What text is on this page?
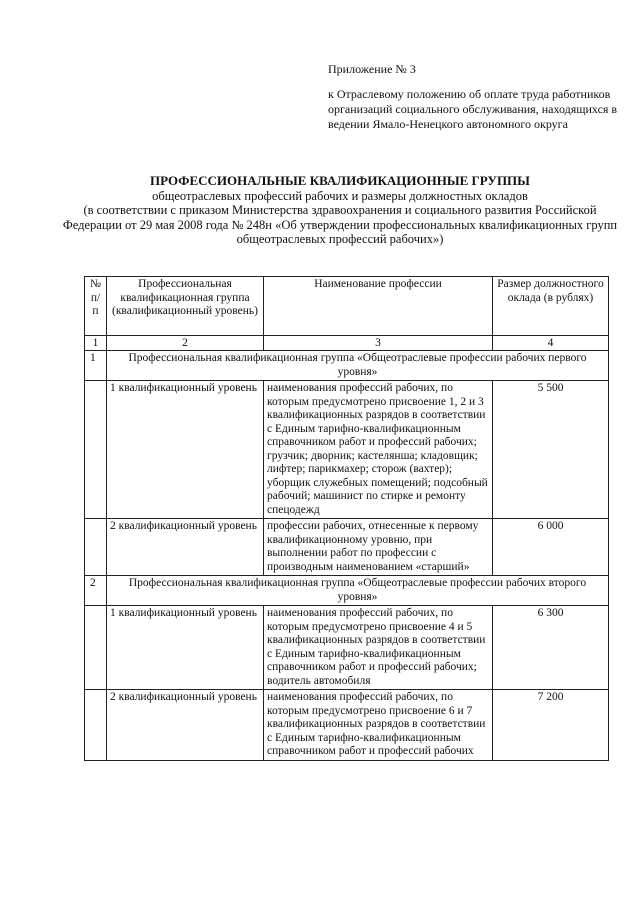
Приложение № 3
к Отраслевому положению об оплате труда работников организаций социального обслуживания, находящихся в ведении Ямало-Ненецкого автономного округа
ПРОФЕССИОНАЛЬНЫЕ КВАЛИФИКАЦИОННЫЕ ГРУППЫ
общеотраслевых профессий рабочих и размеры должностных окладов
(в соответствии с приказом Министерства здравоохранения и социального развития Российской Федерации от 29 мая 2008 года № 248н «Об утверждении профессиональных квалификационных групп общеотраслевых профессий рабочих»)
№ п/п	Профессиональная квалификационная группа (квалификационный уровень)	Наименование профессии	Размер должностного оклада (в рублях)
1	2	3	4
1	Профессиональная квалификационная группа «Общеотраслевые профессии рабочих первого уровня»		
	1 квалификационный уровень	наименования профессий рабочих, по которым предусмотрено присвоение 1, 2 и 3 квалификационных разрядов в соответствии с Единым тарифно-квалификационным справочником работ и профессий рабочих; грузчик; дворник; кастелянша; кладовщик; лифтер; парикмахер; сторож (вахтер); уборщик служебных помещений; подсобный рабочий; машинист по стирке и ремонту спецодежд	5 500
	2 квалификационный уровень	профессии рабочих, отнесенные к первому квалификационному уровню, при выполнении работ по профессии с производным наименованием «старший»	6 000
2	Профессиональная квалификационная группа «Общеотраслевые профессии рабочих второго уровня»		
	1 квалификационный уровень	наименования профессий рабочих, по которым предусмотрено присвоение 4 и 5 квалификационных разрядов в соответствии с Единым тарифно-квалификационным справочником работ и профессий рабочих; водитель автомобиля	6 300
	2 квалификационный уровень	наименования профессий рабочих, по которым предусмотрено присвоение 6 и 7 квалификационных разрядов в соответствии с Единым тарифно-квалификационным справочником работ и профессий рабочих	7 200
